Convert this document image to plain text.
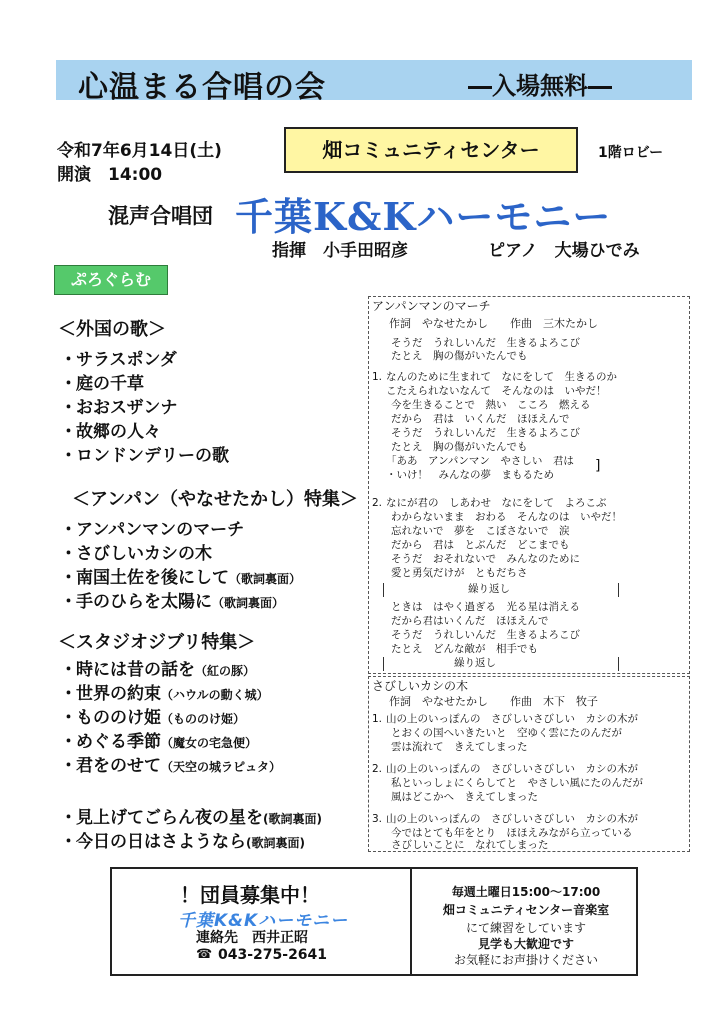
心温まる合唱の会	―入場無料―
令和7年6月14日(土)
開演　14:00
畑コミュニティセンター	1階ロビー
混声合唱団 千葉K&Kハーモニー
指揮　小手田昭彦	ピアノ　大場ひでみ
ぷろぐらむ
＜外国の歌＞
・サラスポンダ
・庭の千草
・おおスザンナ
・故郷の人々
・ロンドンデリーの歌
＜アンパン（やなせたかし）特集＞
・アンパンマンのマーチ
・さびしいカシの木
・南国土佐を後にして（歌詞裏面）
・手のひらを太陽に（歌詞裏面）
＜スタジオジブリ特集＞
・時には昔の話を（紅の豚）
・世界の約束（ハウルの動く城）
・もののけ姫（もののけ姫）
・めぐる季節（魔女の宅急便）
・君をのせて（天空の城ラピュタ）
・見上げてごらん夜の星を(歌詞裏面)
・今日の日はさようなら(歌詞裏面)
アンパンマンのマーチ
作詞　やなせたかし　　作曲　三木たかし
そうだ　うれしいんだ　生きるよろこび
たとえ　胸の傷がいたんでも
1. なんのために生まれて　なにをして　生きるのか
こたえられないなんて　そんなのは　いやだ！
今を生きることで　熱い　こころ　燃える
だから　君は　いくんだ　ほほえんで
そうだ　うれしいんだ　生きるよろこび
たとえ　胸の傷がいたんでも
「ああ　アンパンマン　やさしい　君は
・いけ！　みんなの夢　まもるため
]
2. なにが君の　しあわせ　なにをして　よろこぶ
わからないまま　おわる　そんなのは　いやだ！
忘れないで　夢を　こぼさないで　涙
だから　君は　とぶんだ　どこまでも
そうだ　おそれないで　みんなのために
愛と勇気だけが　ともだちさ
繰り返し
ときは　はやく過ぎる　光る星は消える
だから君はいくんだ　ほほえんで
そうだ　うれしいんだ　生きるよろこび
たとえ　どんな敵が　相手でも
繰り返し
さびしいカシの木
作詞　やなせたかし　　作曲　木下　牧子
1. 山の上のいっぽんの　さびしいさびしい　カシの木が
とおくの国へいきたいと　空ゆく雲にたのんだが
雲は流れて　きえてしまった
2. 山の上のいっぽんの　さびしいさびしい　カシの木が
私といっしょにくらしてと　やさしい風にたのんだが
風はどこかへ　きえてしまった
3. 山の上のいっぽんの　さびしいさびしい　カシの木が
今ではとても年をとり　ほほえみながら立っている
さびしいことに　なれてしまった
！団員募集中！
千葉K&Kハーモニー
連絡先　西井正昭
☎ 043-275-2641
毎週土曜日15:00～17:00
畑コミュニティセンター音楽室
にて練習をしています
見学も大歓迎です
お気軽にお声掛けください
